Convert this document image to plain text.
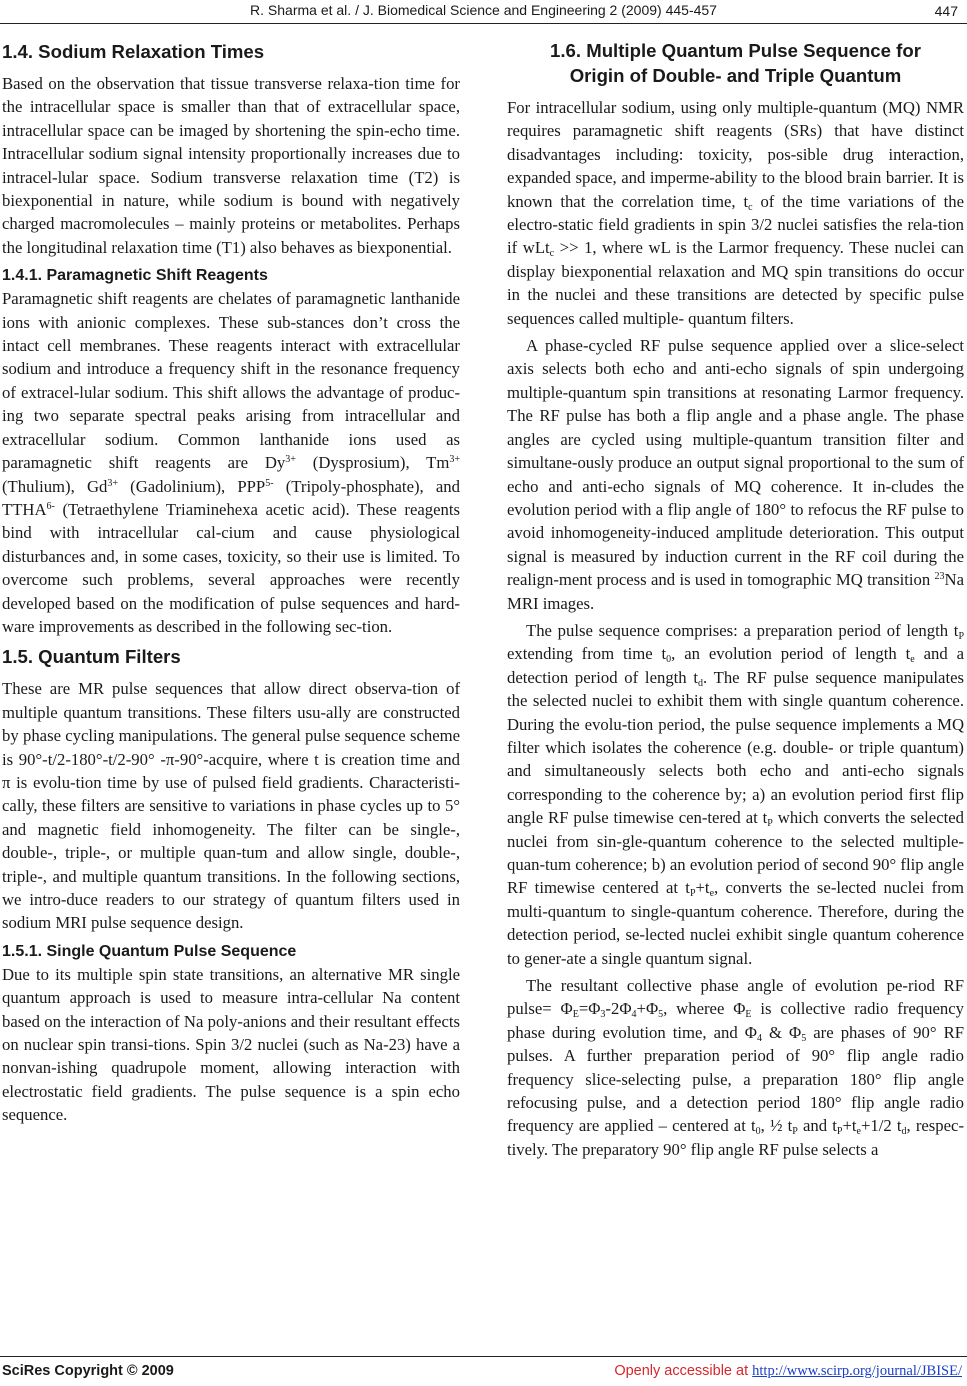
R. Sharma et al. / J. Biomedical Science and Engineering 2 (2009) 445-457	447
1.4. Sodium Relaxation Times

Based on the observation that tissue transverse relaxa-tion time for the intracellular space is smaller than that of extracellular space, intracellular space can be imaged by shortening the spin-echo time. Intracellular sodium signal intensity proportionally increases due to intracel-lular space. Sodium transverse relaxation time (T2) is biexponential in nature, while sodium is bound with negatively charged macromolecules – mainly proteins or metabolites. Perhaps the longitudinal relaxation time (T1) also behaves as biexponential.

1.4.1. Paramagnetic Shift Reagents

Paramagnetic shift reagents are chelates of paramagnetic lanthanide ions with anionic complexes. These sub-stances don’t cross the intact cell membranes. These reagents interact with extracellular sodium and introduce a frequency shift in the resonance frequency of extracel-lular sodium. This shift allows the advantage of produc-ing two separate spectral peaks arising from intracellular and extracellular sodium. Common lanthanide ions used as paramagnetic shift reagents are $Dy^{3+}$ (Dysprosium), $Tm^{3+}$ (Thulium), $Gd^{3+}$ (Gadolinium), $PPP^{5-}$ (Tripoly-phosphate), and $TTHA^{6-}$ (Tetraethylene Triaminehexa acetic acid). These reagents bind with intracellular cal-cium and cause physiological disturbances and, in some cases, toxicity, so their use is limited. To overcome such problems, several approaches were recently developed based on the modification of pulse sequences and hard-ware improvements as described in the following sec-tion.

1.5. Quantum Filters

These are MR pulse sequences that allow direct observa-tion of multiple quantum transitions. These filters usu-ally are constructed by phase cycling manipulations. The general pulse sequence scheme is 90°-t/2-180°-t/2-90° -π-90°-acquire, where t is creation time and π is evolu-tion time by use of pulsed field gradients. Characteristi-cally, these filters are sensitive to variations in phase cycles up to 5° and magnetic field inhomogeneity. The filter can be single-, double-, triple-, or multiple quan-tum and allow single, double-, triple-, and multiple quantum transitions. In the following sections, we intro-duce readers to our strategy of quantum filters used in sodium MRI pulse sequence design.

1.5.1. Single Quantum Pulse Sequence

Due to its multiple spin state transitions, an alternative MR single quantum approach is used to measure intra-cellular Na content based on the interaction of Na poly-anions and their resultant effects on nuclear spin transi-tions. Spin 3/2 nuclei (such as Na-23) have a nonvan-ishing quadrupole moment, allowing interaction with electrostatic field gradients. The pulse sequence is a spin echo sequence.

1.6. Multiple Quantum Pulse Sequence for
Origin of Double- and Triple Quantum

For intracellular sodium, using only multiple-quantum (MQ) NMR requires paramagnetic shift reagents (SRs) that have distinct disadvantages including: toxicity, pos-sible drug interaction, expanded space, and imperme-ability to the blood brain barrier. It is known that the correlation time, $t_c$ of the time variations of the electro-static field gradients in spin 3/2 nuclei satisfies the rela-tion if wLt$_c$ >> 1, where wL is the Larmor frequency. These nuclei can display biexponential relaxation and MQ spin transitions do occur in the nuclei and these transitions are detected by specific pulse sequences called multiple- quantum filters.

A phase-cycled RF pulse sequence applied over a slice-select axis selects both echo and anti-echo signals of spin undergoing multiple-quantum spin transitions at resonating Larmor frequency. The RF pulse has both a flip angle and a phase angle. The phase angles are cycled using multiple-quantum transition filter and simultane-ously produce an output signal proportional to the sum of echo and anti-echo signals of MQ coherence. It in-cludes the evolution period with a flip angle of 180° to refocus the RF pulse to avoid inhomogeneity-induced amplitude deterioration. This output signal is measured by induction current in the RF coil during the realign-ment process and is used in tomographic MQ transition $^{23}$Na MRI images.

The pulse sequence comprises: a preparation period of length $t_P$ extending from time $t_0$, an evolution period of length $t_e$ and a detection period of length $t_d$. The RF pulse sequence manipulates the selected nuclei to exhibit them with single quantum coherence. During the evolu-tion period, the pulse sequence implements a MQ filter which isolates the coherence (e.g. double- or triple quantum) and simultaneously selects both echo and anti-echo signals corresponding to the coherence by; a) an evolution period first flip angle RF pulse timewise cen-tered at $t_P$ which converts the selected nuclei from sin-gle-quantum coherence to the selected multiple- quan-tum coherence; b) an evolution period of second 90° flip angle RF timewise centered at $t_P+t_e$, converts the se-lected nuclei from multi-quantum to single-quantum coherence. Therefore, during the detection period, se-lected nuclei exhibit single quantum coherence to gener-ate a single quantum signal.

The resultant collective phase angle of evolution pe-riod RF pulse= $\Phi_E=\Phi_3-2\Phi_4+\Phi_5$, wheree $\Phi_E$ is collective radio frequency phase during evolution time, and $\Phi_4$ & $\Phi_5$ are phases of 90° RF pulses. A further preparation period of 90° flip angle radio frequency slice-selecting pulse, a preparation 180° flip angle refocusing pulse, and a detection period 180° flip angle radio frequency are applied – centered at $t_0$, ½ $t_P$ and $t_P+t_e+1/2$ $t_d$, respec-tively. The preparatory 90° flip angle RF pulse selects a

SciRes Copyright © 2009	Openly accessible at http://www.scirp.org/journal/JBISE/
